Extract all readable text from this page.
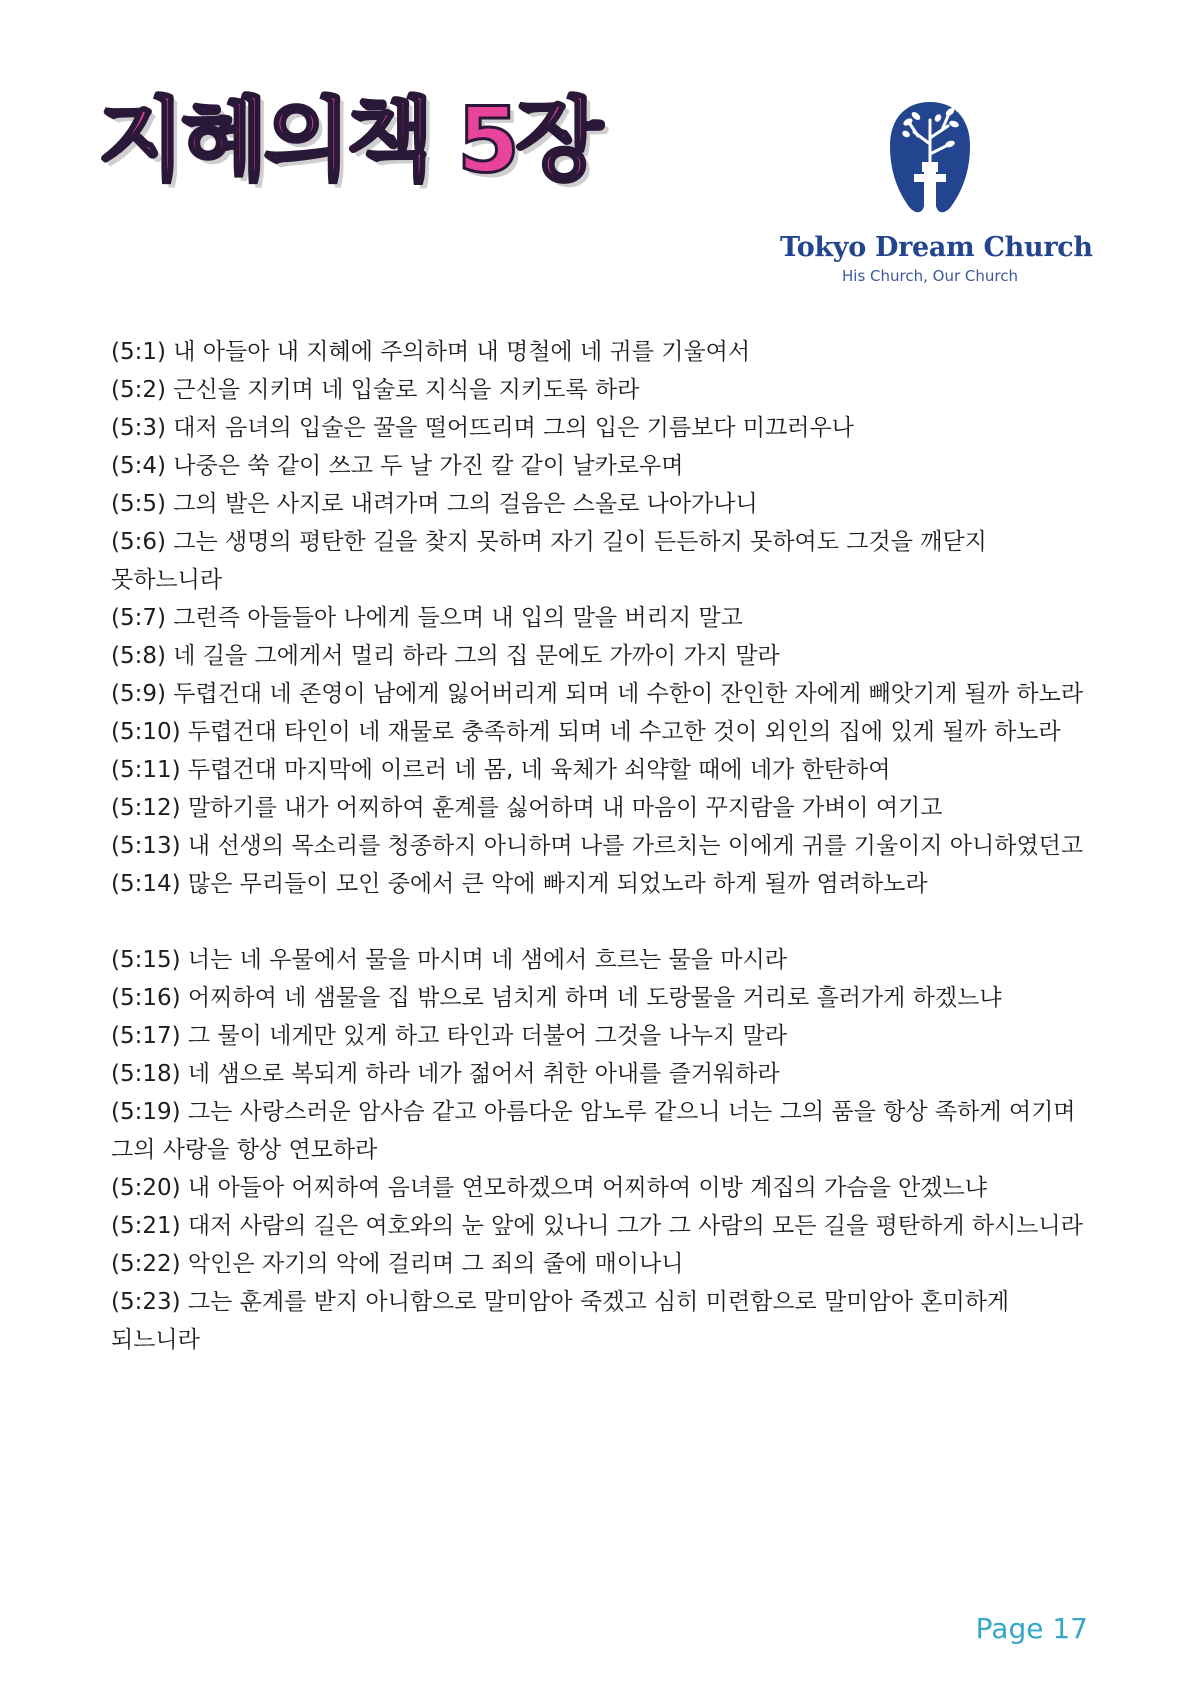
지혜의책 5장
Tokyo Dream Church
His Church, Our Church

(5:1) 내 아들아 내 지혜에 주의하며 내 명철에 네 귀를 기울여서

(5:2) 근신을 지키며 네 입술로 지식을 지키도록 하라

(5:3) 대저 음녀의 입술은 꿀을 떨어뜨리며 그의 입은 기름보다 미끄러우나

(5:4) 나중은 쑥 같이 쓰고 두 날 가진 칼 같이 날카로우며

(5:5) 그의 발은 사지로 내려가며 그의 걸음은 스올로 나아가나니

(5:6) 그는 생명의 평탄한 길을 찾지 못하며 자기 길이 든든하지 못하여도 그것을 깨닫지 못하느니라

(5:7) 그런즉 아들들아 나에게 들으며 내 입의 말을 버리지 말고

(5:8) 네 길을 그에게서 멀리 하라 그의 집 문에도 가까이 가지 말라

(5:9) 두렵건대 네 존영이 남에게 잃어버리게 되며 네 수한이 잔인한 자에게 빼앗기게 될까 하노라

(5:10) 두렵건대 타인이 네 재물로 충족하게 되며 네 수고한 것이 외인의 집에 있게 될까 하노라

(5:11) 두렵건대 마지막에 이르러 네 몸, 네 육체가 쇠약할 때에 네가 한탄하여

(5:12) 말하기를 내가 어찌하여 훈계를 싫어하며 내 마음이 꾸지람을 가벼이 여기고

(5:13) 내 선생의 목소리를 청종하지 아니하며 나를 가르치는 이에게 귀를 기울이지 아니하였던고

(5:14) 많은 무리들이 모인 중에서 큰 악에 빠지게 되었노라 하게 될까 염려하노라

(5:15) 너는 네 우물에서 물을 마시며 네 샘에서 흐르는 물을 마시라

(5:16) 어찌하여 네 샘물을 집 밖으로 넘치게 하며 네 도랑물을 거리로 흘러가게 하겠느냐

(5:17) 그 물이 네게만 있게 하고 타인과 더불어 그것을 나누지 말라

(5:18) 네 샘으로 복되게 하라 네가 젊어서 취한 아내를 즐거워하라

(5:19) 그는 사랑스러운 암사슴 같고 아름다운 암노루 같으니 너는 그의 품을 항상 족하게 여기며 그의 사랑을 항상 연모하라

(5:20) 내 아들아 어찌하여 음녀를 연모하겠으며 어찌하여 이방 계집의 가슴을 안겠느냐

(5:21) 대저 사람의 길은 여호와의 눈 앞에 있나니 그가 그 사람의 모든 길을 평탄하게 하시느니라

(5:22) 악인은 자기의 악에 걸리며 그 죄의 줄에 매이나니

(5:23) 그는 훈계를 받지 아니함으로 말미암아 죽겠고 심히 미련함으로 말미암아 혼미하게 되느니라

Page 17
